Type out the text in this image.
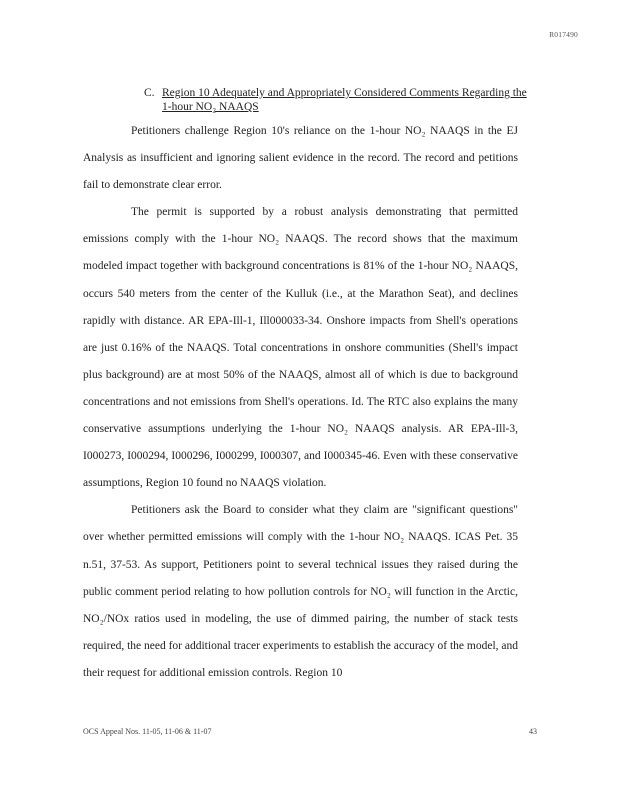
R017490
C. Region 10 Adequately and Appropriately Considered Comments Regarding the 1-hour NO₂ NAAQS

Petitioners challenge Region 10's reliance on the 1-hour NO₂ NAAQS in the EJ Analysis as insufficient and ignoring salient evidence in the record. The record and petitions fail to demonstrate clear error.

The permit is supported by a robust analysis demonstrating that permitted emissions comply with the 1-hour NO₂ NAAQS. The record shows that the maximum modeled impact together with background concentrations is 81% of the 1-hour NO₂ NAAQS, occurs 540 meters from the center of the Kulluk (i.e., at the Marathon Seat), and declines rapidly with distance. AR EPA-Ill-1, Ill000033-34. Onshore impacts from Shell's operations are just 0.16% of the NAAQS. Total concentrations in onshore communities (Shell's impact plus background) are at most 50% of the NAAQS, almost all of which is due to background concentrations and not emissions from Shell's operations. Id. The RTC also explains the many conservative assumptions underlying the 1-hour NO₂ NAAQS analysis. AR EPA-Ill-3, I000273, I000294, I000296, I000299, I000307, and I000345-46. Even with these conservative assumptions, Region 10 found no NAAQS violation.

Petitioners ask the Board to consider what they claim are "significant questions" over whether permitted emissions will comply with the 1-hour NO₂ NAAQS. ICAS Pet. 35 n.51, 37-53. As support, Petitioners point to several technical issues they raised during the public comment period relating to how pollution controls for NO₂ will function in the Arctic, NO₂/NOx ratios used in modeling, the use of dimmed pairing, the number of stack tests required, the need for additional tracer experiments to establish the accuracy of the model, and their request for additional emission controls. Region 10

OCS Appeal Nos. 11-05, 11-06 & 11-07	43
